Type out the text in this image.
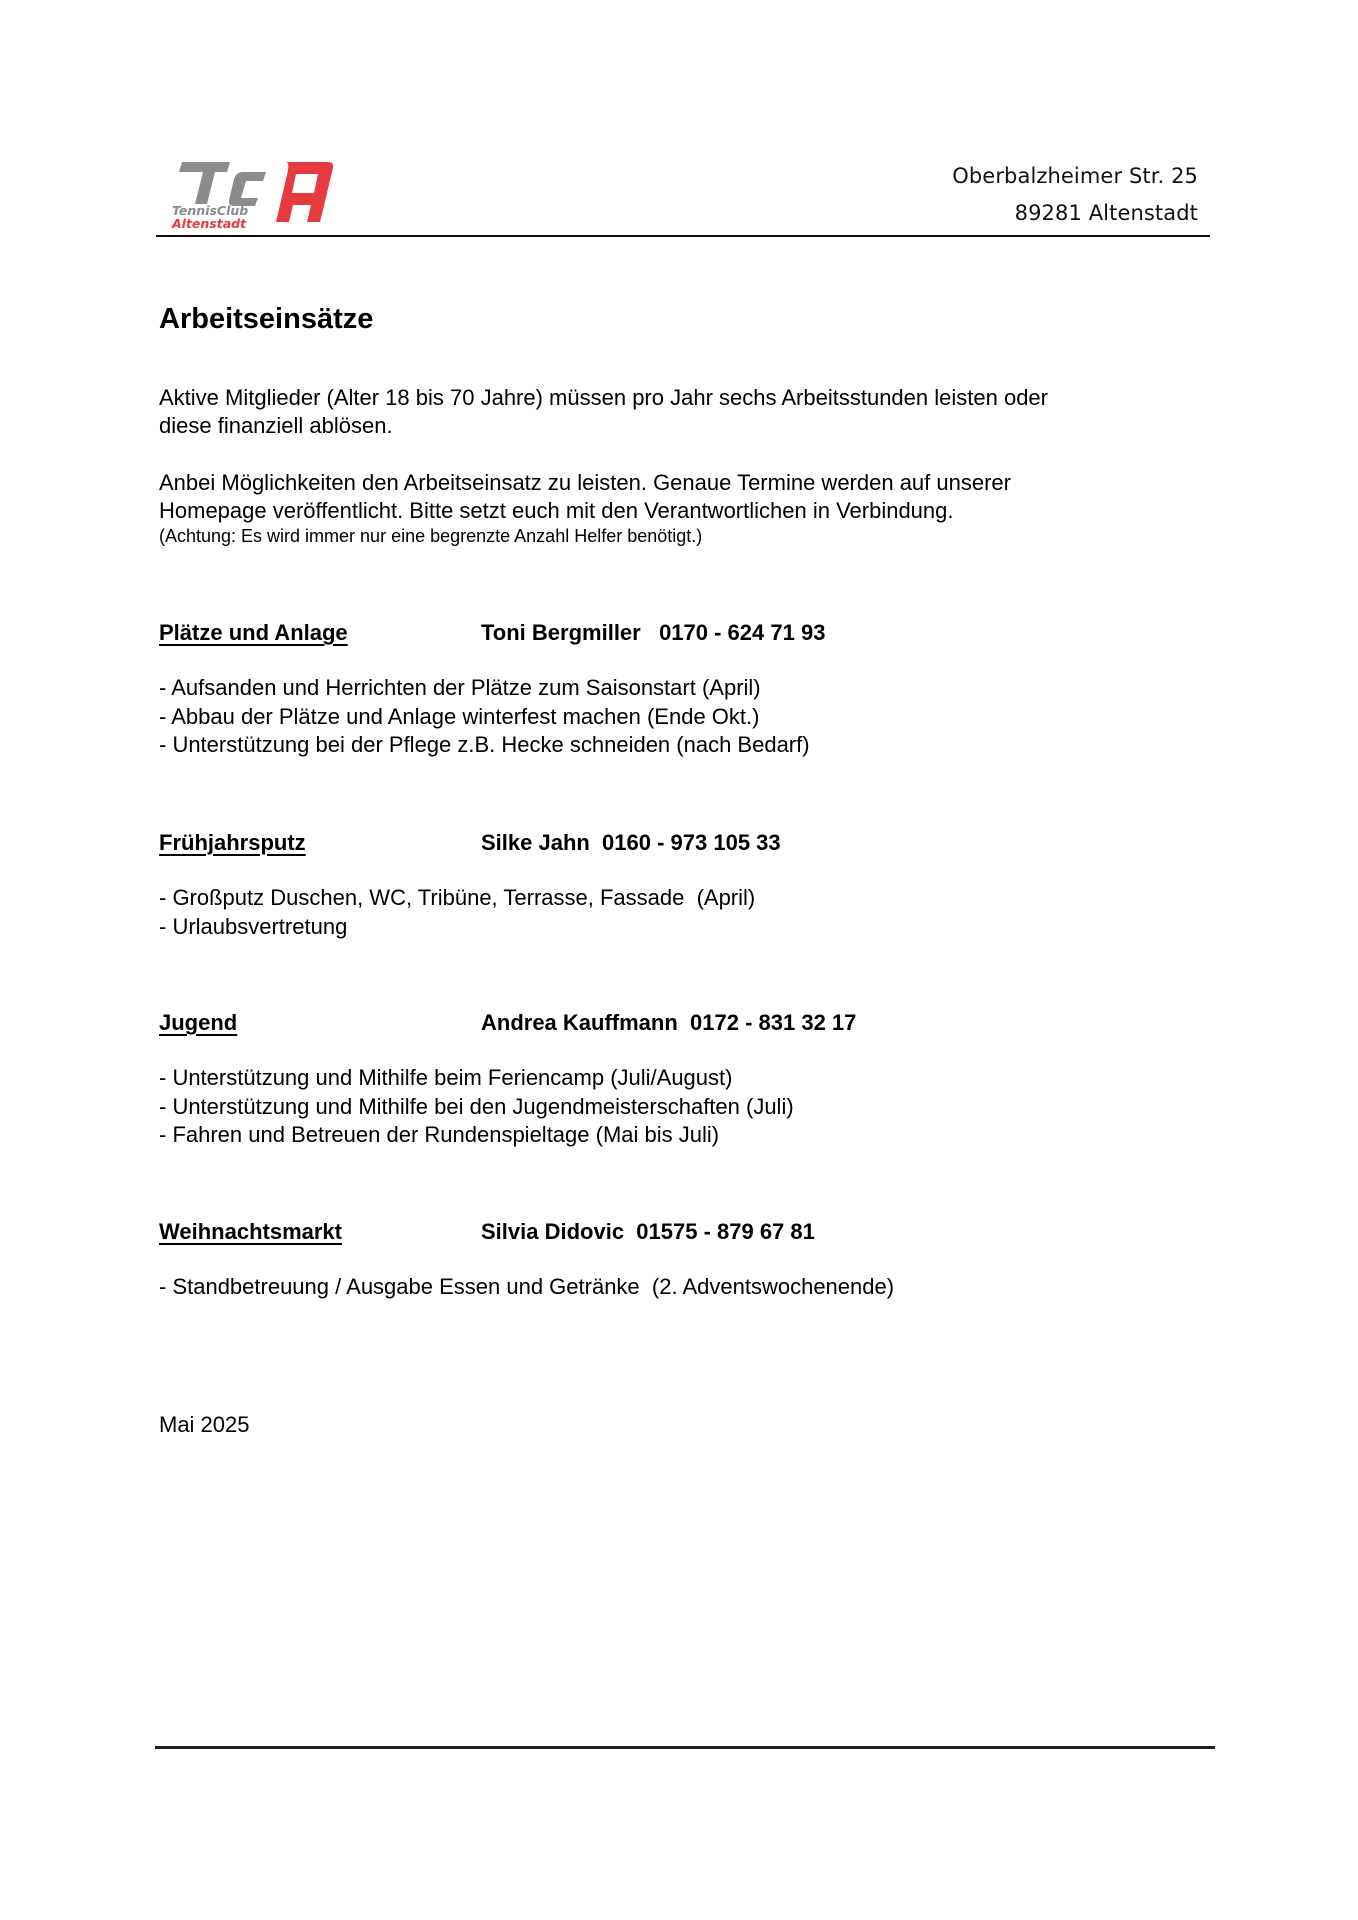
TennisClub
Altenstadt
Oberbalzheimer Str. 25
89281 Altenstadt
Arbeitseinsätze
Aktive Mitglieder (Alter 18 bis 70 Jahre) müssen pro Jahr sechs Arbeitsstunden leisten oder
diese finanziell ablösen.
Anbei Möglichkeiten den Arbeitseinsatz zu leisten. Genaue Termine werden auf unserer
Homepage veröffentlicht. Bitte setzt euch mit den Verantwortlichen in Verbindung.
(Achtung: Es wird immer nur eine begrenzte Anzahl Helfer benötigt.)
Plätze und Anlage	Toni Bergmiller   0170 - 624 71 93
- Aufsanden und Herrichten der Plätze zum Saisonstart (April)
- Abbau der Plätze und Anlage winterfest machen (Ende Okt.)
- Unterstützung bei der Pflege z.B. Hecke schneiden (nach Bedarf)
Frühjahrsputz	Silke Jahn  0160 - 973 105 33
- Großputz Duschen, WC, Tribüne, Terrasse, Fassade  (April)
- Urlaubsvertretung
Jugend	Andrea Kauffmann  0172 - 831 32 17
- Unterstützung und Mithilfe beim Feriencamp (Juli/August)
- Unterstützung und Mithilfe bei den Jugendmeisterschaften (Juli)
- Fahren und Betreuen der Rundenspieltage (Mai bis Juli)
Weihnachtsmarkt	Silvia Didovic  01575 - 879 67 81
- Standbetreuung / Ausgabe Essen und Getränke  (2. Adventswochenende)
Mai 2025
